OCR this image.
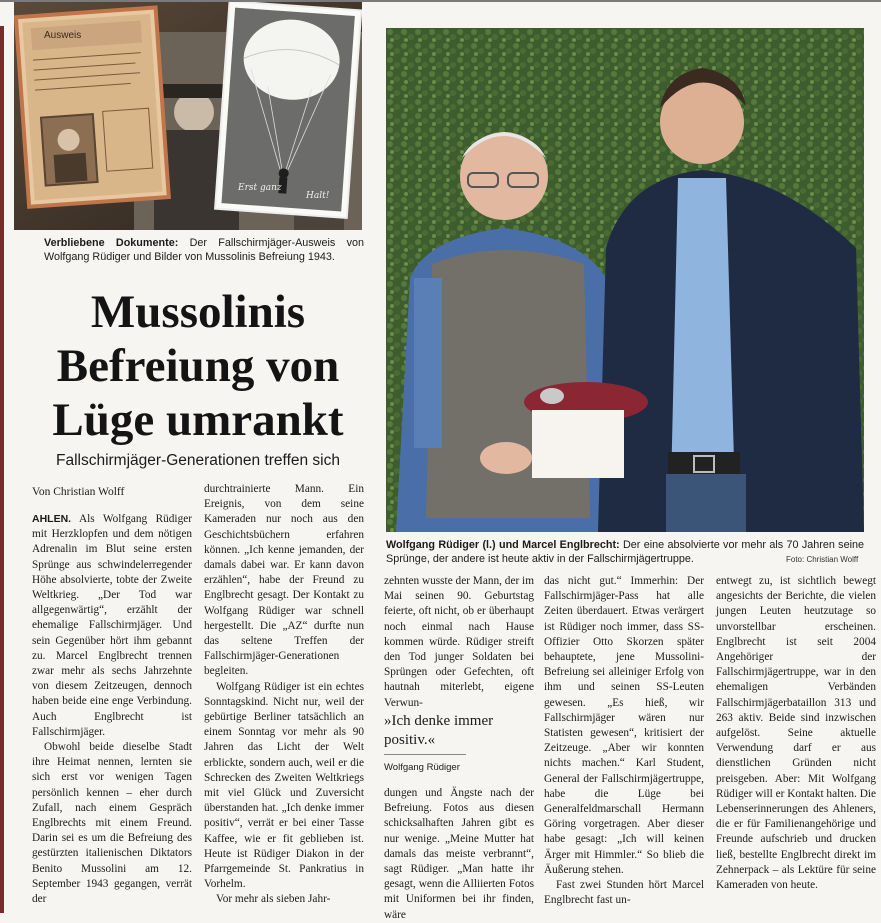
Ausweis
Erst ganz
Halt!
Verbliebene Dokumente: Der Fallschirmjäger-Ausweis von Wolfgang Rüdiger und Bilder von Mussolinis Befreiung 1943.
Wolfgang Rüdiger (l.) und Marcel Englbrecht: Der eine absolvierte vor mehr als 70 Jahren seine Sprünge, der andere ist heute aktiv in der Fallschirmjägertruppe.	Foto: Christian Wolff
Mussolinis
Befreiung von
Lüge umrankt
Fallschirmjäger-Generationen treffen sich
Von Christian Wolff

AHLEN. Als Wolfgang Rüdiger mit Herzklopfen und dem nötigen Adrenalin im Blut seine ersten Sprünge aus schwindelerregender Höhe absolvierte, tobte der Zweite Weltkrieg. „Der Tod war allgegenwärtig“, erzählt der ehemalige Fallschirmjäger. Und sein Gegenüber hört ihm gebannt zu. Marcel Englbrecht trennen zwar mehr als sechs Jahrzehnte von diesem Zeitzeugen, dennoch haben beide eine enge Verbindung. Auch Englbrecht ist Fallschirmjäger.

Obwohl beide dieselbe Stadt ihre Heimat nennen, lernten sie sich erst vor wenigen Tagen persönlich kennen – eher durch Zufall, nach einem Gespräch Englbrechts mit einem Freund. Darin sei es um die Befreiung des gestürzten italienischen Diktators Benito Mussolini am 12. September 1943 gegangen, verrät der

durchtrainierte Mann. Ein Ereignis, von dem seine Kameraden nur noch aus den Geschichtsbüchern erfahren können. „Ich kenne jemanden, der damals dabei war. Er kann davon erzählen“, habe der Freund zu Englbrecht gesagt. Der Kontakt zu Wolfgang Rüdiger war schnell hergestellt. Die „AZ“ durfte nun das seltene Treffen der Fallschirmjäger-Generationen begleiten.

Wolfgang Rüdiger ist ein echtes Sonntagskind. Nicht nur, weil der gebürtige Berliner tatsächlich an einem Sonntag vor mehr als 90 Jahren das Licht der Welt erblickte, sondern auch, weil er die Schrecken des Zweiten Weltkriegs mit viel Glück und Zuversicht überstanden hat. „Ich denke immer positiv“, verrät er bei einer Tasse Kaffee, wie er fit geblieben ist. Heute ist Rüdiger Diakon in der Pfarrgemeinde St. Pankratius in Vorhelm.

Vor mehr als sieben Jahr-

zehnten wusste der Mann, der im Mai seinen 90. Geburtstag feierte, oft nicht, ob er überhaupt noch einmal nach Hause kommen würde. Rüdiger streift den Tod junger Soldaten bei Sprüngen oder Gefechten, oft hautnah miterlebt, eigene Verwun-

»Ich denke immer positiv.«
Wolfgang Rüdiger

dungen und Ängste nach der Befreiung. Fotos aus diesen schicksalhaften Jahren gibt es nur wenige. „Meine Mutter hat damals das meiste verbrannt“, sagt Rüdiger. „Man hatte ihr gesagt, wenn die Alliierten Fotos mit Uniformen bei ihr finden, wäre

das nicht gut.“ Immerhin: Der Fallschirmjäger-Pass hat alle Zeiten überdauert. Etwas verärgert ist Rüdiger noch immer, dass SS-Offizier Otto Skorzen später behauptete, jene Mussolini-Befreiung sei alleiniger Erfolg von ihm und seinen SS-Leuten gewesen. „Es hieß, wir Fallschirmjäger wären nur Statisten gewesen“, kritisiert der Zeitzeuge. „Aber wir konnten nichts machen.“ Karl Student, General der Fallschirmjägertruppe, habe die Lüge bei Generalfeldmarschall Hermann Göring vorgetragen. Aber dieser habe gesagt: „Ich will keinen Ärger mit Himmler.“ So blieb die Äußerung stehen.

Fast zwei Stunden hört Marcel Englbrecht fast un-

entwegt zu, ist sichtlich bewegt angesichts der Berichte, die vielen jungen Leuten heutzutage so unvorstellbar erscheinen. Englbrecht ist seit 2004 Angehöriger der Fallschirmjägertruppe, war in den ehemaligen Verbänden Fallschirmjägerbataillon 313 und 263 aktiv. Beide sind inzwischen aufgelöst. Seine aktuelle Verwendung darf er aus dienstlichen Gründen nicht preisgeben. Aber: Mit Wolfgang Rüdiger will er Kontakt halten. Die Lebenserinnerungen des Ahleners, die er für Familienangehörige und Freunde aufschrieb und drucken ließ, bestellte Englbrecht direkt im Zehnerpack – als Lektüre für seine Kameraden von heute.
